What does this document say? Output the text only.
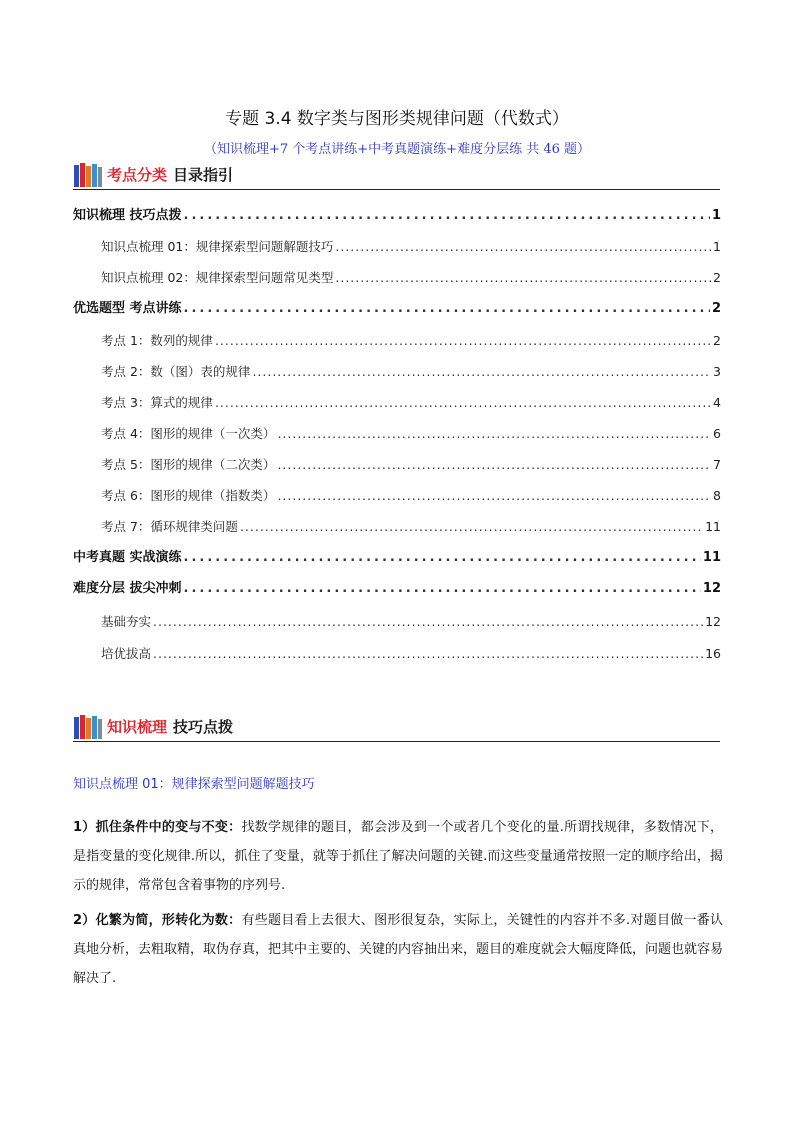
专题 3.4 数字类与图形类规律问题（代数式）
（知识梳理+7 个考点讲练+中考真题演练+难度分层练 共 46 题）
考点分类 目录指引
知识梳理 技巧点拨 .....	1
知识点梳理 01：规律探索型问题解题技巧 .....	1
知识点梳理 02：规律探索型问题常见类型 .....	2
优选题型 考点讲练 .....	2
考点 1：数列的规律 .....	2
考点 2：数（图）表的规律 .....	3
考点 3：算式的规律 .....	4
考点 4：图形的规律（一次类） .....	6
考点 5：图形的规律（二次类） .....	7
考点 6：图形的规律（指数类） .....	8
考点 7：循环规律类问题 .....	11
中考真题 实战演练 .....	11
难度分层 拔尖冲刺 .....	12
基础夯实 .....	12
培优拔高 .....	16
知识梳理 技巧点拨
知识点梳理 01：规律探索型问题解题技巧
1）抓住条件中的变与不变：找数学规律的题目，都会涉及到一个或者几个变化的量.所谓找规律，多数情况下，是指变量的变化规律.所以，抓住了变量，就等于抓住了解决问题的关键.而这些变量通常按照一定的顺序给出，揭示的规律，常常包含着事物的序列号.
2）化繁为简，形转化为数：有些题目看上去很大、图形很复杂，实际上，关键性的内容并不多.对题目做一番认真地分析，去粗取精，取伪存真，把其中主要的、关键的内容抽出来，题目的难度就会大幅度降低，问题也就容易解决了.
